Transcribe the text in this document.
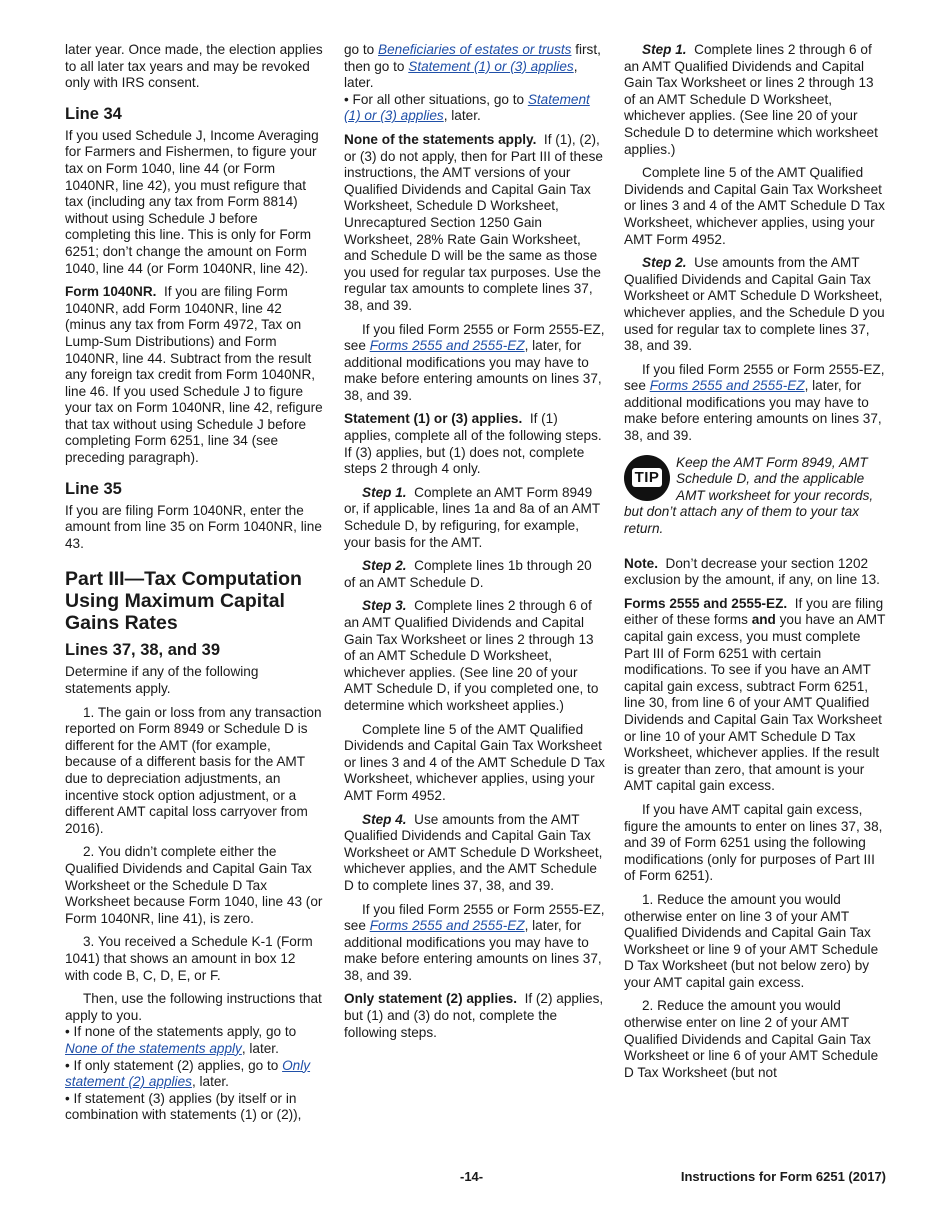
later year. Once made, the election applies to all later tax years and may be revoked only with IRS consent.

Line 34

If you used Schedule J, Income Averaging for Farmers and Fishermen, to figure your tax on Form 1040, line 44 (or Form 1040NR, line 42), you must refigure that tax (including any tax from Form 8814) without using Schedule J before completing this line. This is only for Form 6251; don’t change the amount on Form 1040, line 44 (or Form 1040NR, line 42).

Form 1040NR. If you are filing Form 1040NR, add Form 1040NR, line 42 (minus any tax from Form 4972, Tax on Lump-Sum Distributions) and Form 1040NR, line 44. Subtract from the result any foreign tax credit from Form 1040NR, line 46. If you used Schedule J to figure your tax on Form 1040NR, line 42, refigure that tax without using Schedule J before completing Form 6251, line 34 (see preceding paragraph).

Line 35

If you are filing Form 1040NR, enter the amount from line 35 on Form 1040NR, line 43.

Part III—Tax Computation Using Maximum Capital Gains Rates
Lines 37, 38, and 39

Determine if any of the following statements apply.

1. The gain or loss from any transaction reported on Form 8949 or Schedule D is different for the AMT (for example, because of a different basis for the AMT due to depreciation adjustments, an incentive stock option adjustment, or a different AMT capital loss carryover from 2016).

2. You didn’t complete either the Qualified Dividends and Capital Gain Tax Worksheet or the Schedule D Tax Worksheet because Form 1040, line 43 (or Form 1040NR, line 41), is zero.

3. You received a Schedule K-1 (Form 1041) that shows an amount in box 12 with code B, C, D, E, or F.

Then, use the following instructions that apply to you.

• If none of the statements apply, go to None of the statements apply, later.

• If only statement (2) applies, go to Only statement (2) applies, later.

• If statement (3) applies (by itself or in combination with statements (1) or (2)),

go to Beneficiaries of estates or trusts first, then go to Statement (1) or (3) applies, later.

• For all other situations, go to Statement (1) or (3) applies, later.

None of the statements apply. If (1), (2), or (3) do not apply, then for Part III of these instructions, the AMT versions of your Qualified Dividends and Capital Gain Tax Worksheet, Schedule D Worksheet, Unrecaptured Section 1250 Gain Worksheet, 28% Rate Gain Worksheet, and Schedule D will be the same as those you used for regular tax purposes. Use the regular tax amounts to complete lines 37, 38, and 39.

If you filed Form 2555 or Form 2555-EZ, see Forms 2555 and 2555-EZ, later, for additional modifications you may have to make before entering amounts on lines 37, 38, and 39.

Statement (1) or (3) applies. If (1) applies, complete all of the following steps. If (3) applies, but (1) does not, complete steps 2 through 4 only.

Step 1. Complete an AMT Form 8949 or, if applicable, lines 1a and 8a of an AMT Schedule D, by refiguring, for example, your basis for the AMT.

Step 2. Complete lines 1b through 20 of an AMT Schedule D.

Step 3. Complete lines 2 through 6 of an AMT Qualified Dividends and Capital Gain Tax Worksheet or lines 2 through 13 of an AMT Schedule D Worksheet, whichever applies. (See line 20 of your AMT Schedule D, if you completed one, to determine which worksheet applies.)

Complete line 5 of the AMT Qualified Dividends and Capital Gain Tax Worksheet or lines 3 and 4 of the AMT Schedule D Tax Worksheet, whichever applies, using your AMT Form 4952.

Step 4. Use amounts from the AMT Qualified Dividends and Capital Gain Tax Worksheet or AMT Schedule D Worksheet, whichever applies, and the AMT Schedule D to complete lines 37, 38, and 39.

If you filed Form 2555 or Form 2555-EZ, see Forms 2555 and 2555-EZ, later, for additional modifications you may have to make before entering amounts on lines 37, 38, and 39.

Only statement (2) applies. If (2) applies, but (1) and (3) do not, complete the following steps.

Step 1. Complete lines 2 through 6 of an AMT Qualified Dividends and Capital Gain Tax Worksheet or lines 2 through 13 of an AMT Schedule D Worksheet, whichever applies. (See line 20 of your Schedule D to determine which worksheet applies.)

Complete line 5 of the AMT Qualified Dividends and Capital Gain Tax Worksheet or lines 3 and 4 of the AMT Schedule D Tax Worksheet, whichever applies, using your AMT Form 4952.

Step 2. Use amounts from the AMT Qualified Dividends and Capital Gain Tax Worksheet or AMT Schedule D Worksheet, whichever applies, and the Schedule D you used for regular tax to complete lines 37, 38, and 39.

If you filed Form 2555 or Form 2555-EZ, see Forms 2555 and 2555-EZ, later, for additional modifications you may have to make before entering amounts on lines 37, 38, and 39.

TIP
Keep the AMT Form 8949, AMT Schedule D, and the applicable AMT worksheet for your records, but don’t attach any of them to your tax return.

Note. Don’t decrease your section 1202 exclusion by the amount, if any, on line 13.

Forms 2555 and 2555-EZ. If you are filing either of these forms and you have an AMT capital gain excess, you must complete Part III of Form 6251 with certain modifications. To see if you have an AMT capital gain excess, subtract Form 6251, line 30, from line 6 of your AMT Qualified Dividends and Capital Gain Tax Worksheet or line 10 of your AMT Schedule D Tax Worksheet, whichever applies. If the result is greater than zero, that amount is your AMT capital gain excess.

If you have AMT capital gain excess, figure the amounts to enter on lines 37, 38, and 39 of Form 6251 using the following modifications (only for purposes of Part III of Form 6251).

1. Reduce the amount you would otherwise enter on line 3 of your AMT Qualified Dividends and Capital Gain Tax Worksheet or line 9 of your AMT Schedule D Tax Worksheet (but not below zero) by your AMT capital gain excess.

2. Reduce the amount you would otherwise enter on line 2 of your AMT Qualified Dividends and Capital Gain Tax Worksheet or line 6 of your AMT Schedule D Tax Worksheet (but not

-14-	Instructions for Form 6251 (2017)
